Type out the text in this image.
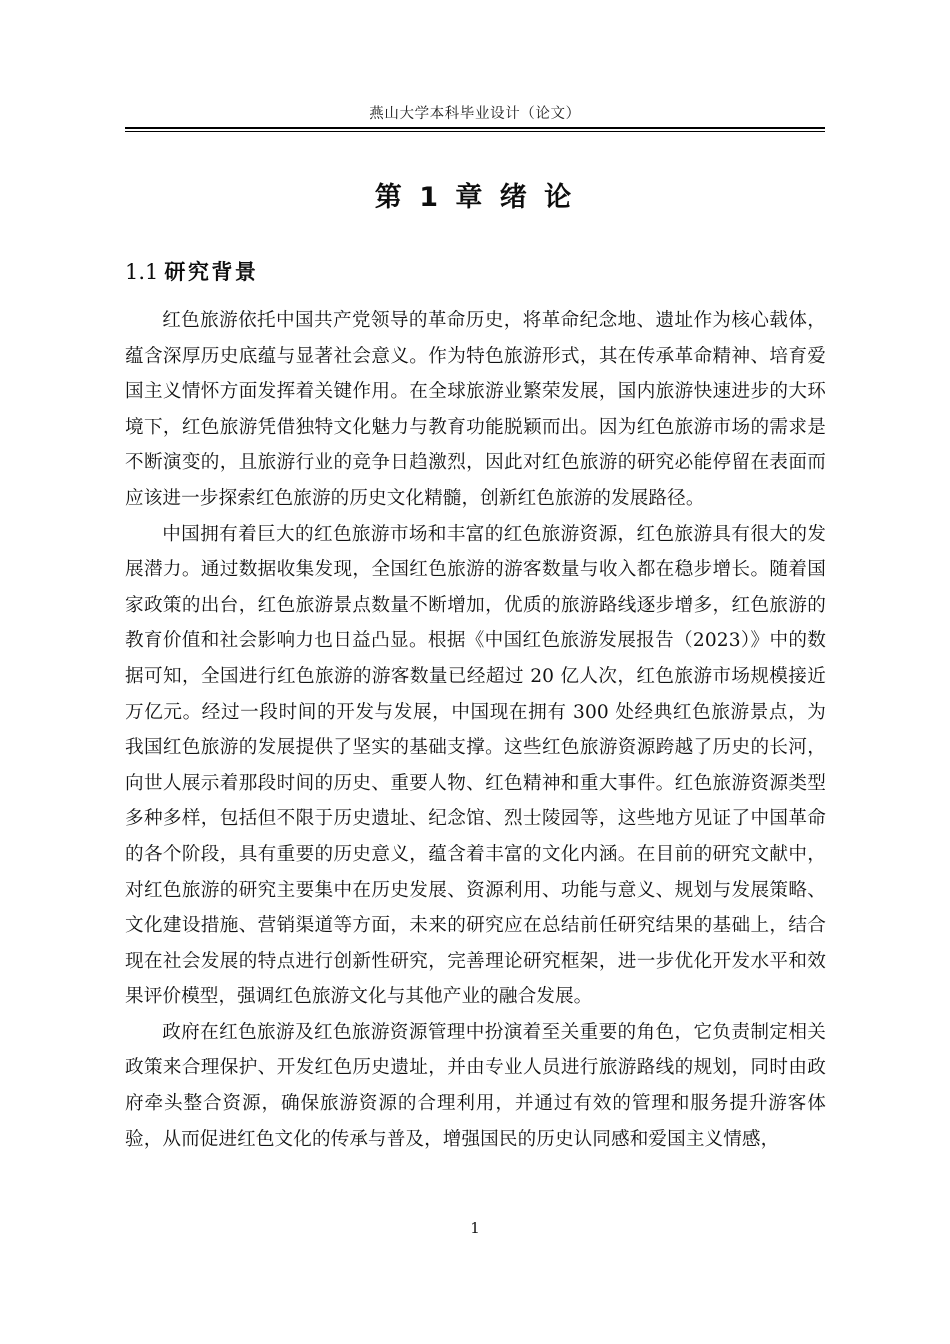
燕山大学本科毕业设计（论文）
第 1 章 绪 论
1.1 研究背景

红色旅游依托中国共产党领导的革命历史，将革命纪念地、遗址作为核心载体，蕴含深厚历史底蕴与显著社会意义。作为特色旅游形式，其在传承革命精神、培育爱国主义情怀方面发挥着关键作用。在全球旅游业繁荣发展，国内旅游快速进步的大环境下，红色旅游凭借独特文化魅力与教育功能脱颖而出。因为红色旅游市场的需求是不断演变的，且旅游行业的竞争日趋激烈，因此对红色旅游的研究必能停留在表面而应该进一步探索红色旅游的历史文化精髓，创新红色旅游的发展路径。

中国拥有着巨大的红色旅游市场和丰富的红色旅游资源，红色旅游具有很大的发展潜力。通过数据收集发现，全国红色旅游的游客数量与收入都在稳步增长。随着国家政策的出台，红色旅游景点数量不断增加，优质的旅游路线逐步增多，红色旅游的教育价值和社会影响力也日益凸显。根据《中国红色旅游发展报告（2023）》中的数据可知，全国进行红色旅游的游客数量已经超过 20 亿人次，红色旅游市场规模接近万亿元。经过一段时间的开发与发展，中国现在拥有 300 处经典红色旅游景点，为我国红色旅游的发展提供了坚实的基础支撑。这些红色旅游资源跨越了历史的长河，向世人展示着那段时间的历史、重要人物、红色精神和重大事件。红色旅游资源类型多种多样，包括但不限于历史遗址、纪念馆、烈士陵园等，这些地方见证了中国革命的各个阶段，具有重要的历史意义，蕴含着丰富的文化内涵。在目前的研究文献中，对红色旅游的研究主要集中在历史发展、资源利用、功能与意义、规划与发展策略、文化建设措施、营销渠道等方面，未来的研究应在总结前任研究结果的基础上，结合现在社会发展的特点进行创新性研究，完善理论研究框架，进一步优化开发水平和效果评价模型，强调红色旅游文化与其他产业的融合发展。

政府在红色旅游及红色旅游资源管理中扮演着至关重要的角色，它负责制定相关政策来合理保护、开发红色历史遗址，并由专业人员进行旅游路线的规划，同时由政府牵头整合资源，确保旅游资源的合理利用，并通过有效的管理和服务提升游客体验，从而促进红色文化的传承与普及，增强国民的历史认同感和爱国主义情感，

1
